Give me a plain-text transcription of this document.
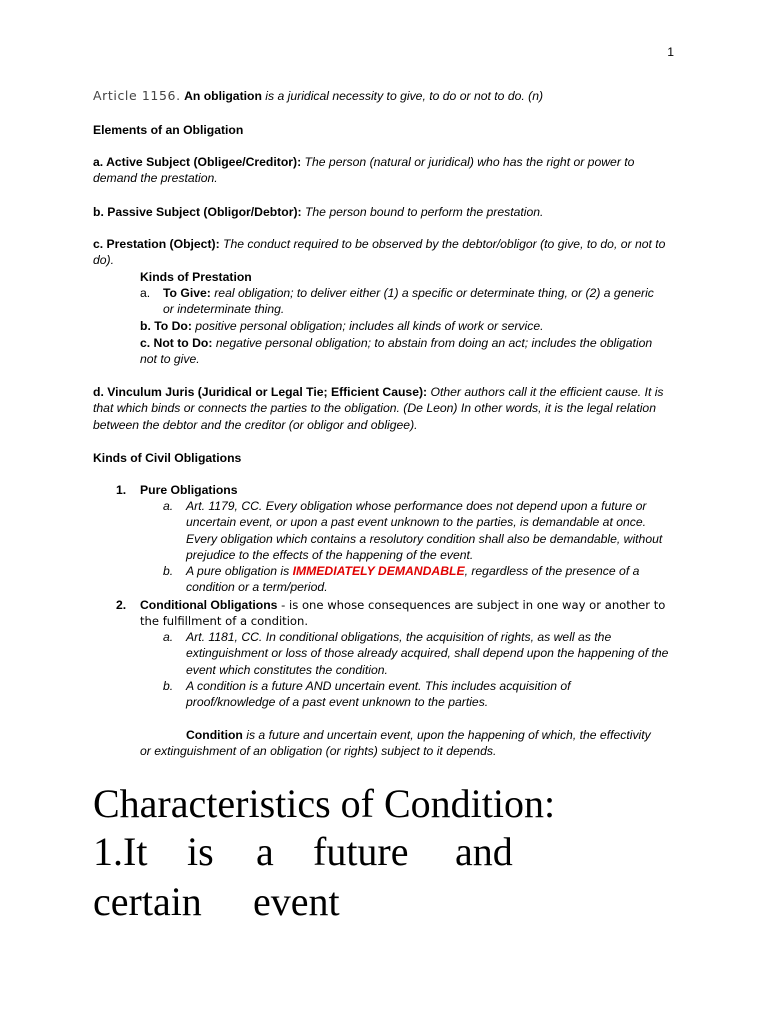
1
Article 1156. An obligation is a juridical necessity to give, to do or not to do. (n)
Elements of an Obligation
a. Active Subject (Obligee/Creditor): The person (natural or juridical) who has the right or power to demand the prestation.
b. Passive Subject (Obligor/Debtor): The person bound to perform the prestation.
c. Prestation (Object): The conduct required to be observed by the debtor/obligor (to give, to do, or not to do).
Kinds of Prestation
a.	To Give: real obligation; to deliver either (1) a specific or determinate thing, or (2) a generic or indeterminate thing.
b. To Do: positive personal obligation; includes all kinds of work or service.
c. Not to Do: negative personal obligation; to abstain from doing an act; includes the obligation not to give.
d. Vinculum Juris (Juridical or Legal Tie; Efficient Cause): Other authors call it the efficient cause. It is that which binds or connects the parties to the obligation. (De Leon) In other words, it is the legal relation between the debtor and the creditor (or obligor and obligee).
Kinds of Civil Obligations
1. Pure Obligations
a. Art. 1179, CC. Every obligation whose performance does not depend upon a future or uncertain event, or upon a past event unknown to the parties, is demandable at once. Every obligation which contains a resolutory condition shall also be demandable, without prejudice to the effects of the happening of the event.
b. A pure obligation is IMMEDIATELY DEMANDABLE, regardless of the presence of a condition or a term/period.
2. Conditional Obligations - is one whose consequences are subject in one way or another to the fulfillment of a condition.
a. Art. 1181, CC. In conditional obligations, the acquisition of rights, as well as the extinguishment or loss of those already acquired, shall depend upon the happening of the event which constitutes the condition.
b. A condition is a future AND uncertain event. This includes acquisition of proof/knowledge of a past event unknown to the parties.
Condition is a future and uncertain event, upon the happening of which, the effectivity or extinguishment of an obligation (or rights) subject to it depends.
Characteristics of Condition:
1.It is a future and
certain event
